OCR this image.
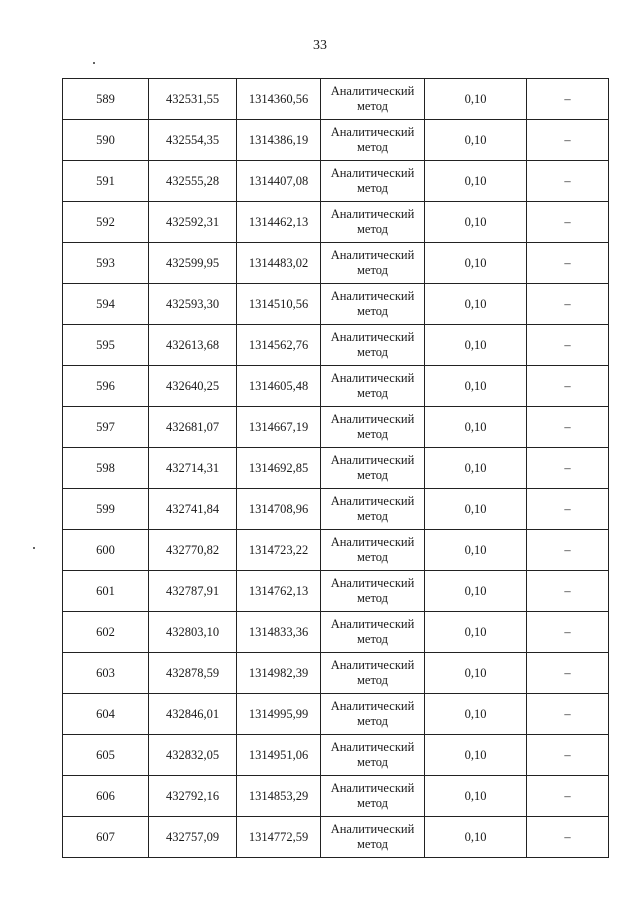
33
589	432531,55	1314360,56	Аналитический метод	0,10	–
590	432554,35	1314386,19	Аналитический метод	0,10	–
591	432555,28	1314407,08	Аналитический метод	0,10	–
592	432592,31	1314462,13	Аналитический метод	0,10	–
593	432599,95	1314483,02	Аналитический метод	0,10	–
594	432593,30	1314510,56	Аналитический метод	0,10	–
595	432613,68	1314562,76	Аналитический метод	0,10	–
596	432640,25	1314605,48	Аналитический метод	0,10	–
597	432681,07	1314667,19	Аналитический метод	0,10	–
598	432714,31	1314692,85	Аналитический метод	0,10	–
599	432741,84	1314708,96	Аналитический метод	0,10	–
600	432770,82	1314723,22	Аналитический метод	0,10	–
601	432787,91	1314762,13	Аналитический метод	0,10	–
602	432803,10	1314833,36	Аналитический метод	0,10	–
603	432878,59	1314982,39	Аналитический метод	0,10	–
604	432846,01	1314995,99	Аналитический метод	0,10	–
605	432832,05	1314951,06	Аналитический метод	0,10	–
606	432792,16	1314853,29	Аналитический метод	0,10	–
607	432757,09	1314772,59	Аналитический метод	0,10	–
